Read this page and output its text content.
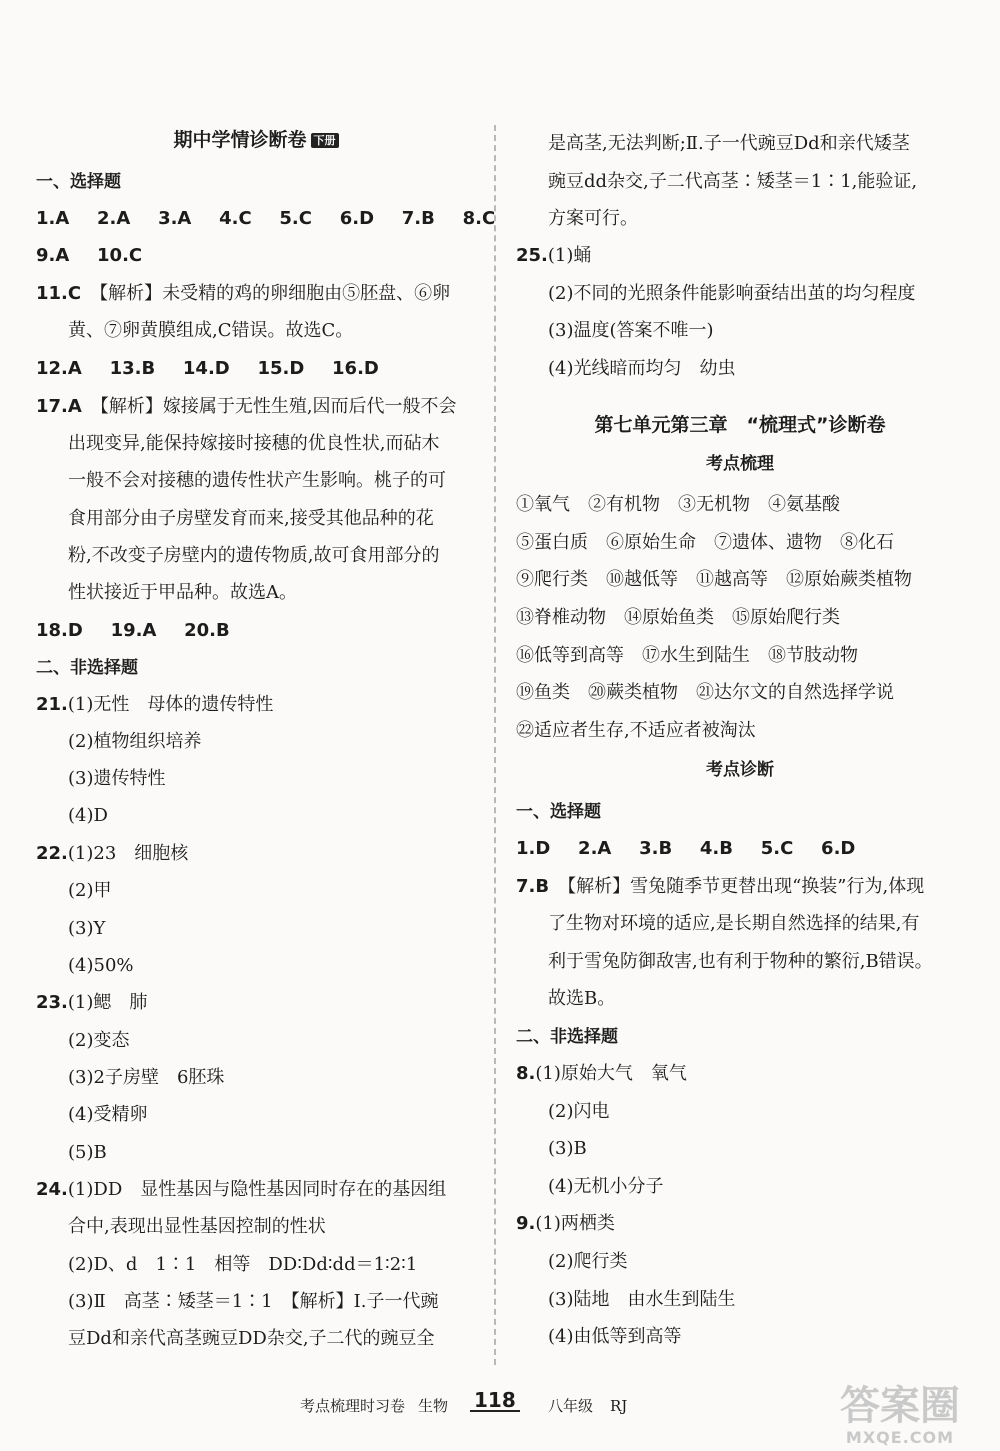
期中学情诊断卷 下册
一、选择题
1.A 2.A 3.A 4.C 5.C 6.D 7.B 8.C
9.A 10.C
11.C　 【解析】未受精的鸡的卵细胞由⑤胚盘、⑥卵
黄、⑦卵黄膜组成,C错误。故选C。
12.A 13.B 14.D 15.D 16.D
17.A　 【解析】嫁接属于无性生殖,因而后代一般不会
出现变异,能保持嫁接时接穗的优良性状,而砧木
一般不会对接穗的遗传性状产生影响。桃子的可
食用部分由子房壁发育而来,接受其他品种的花
粉,不改变子房壁内的遗传物质,故可食用部分的
性状接近于甲品种。故选A。
18.D 19.A 20.B
二、非选择题
21.(1)无性　母体的遗传特性
(2)植物组织培养
(3)遗传特性
(4)D
22.(1)23　细胞核
(2)甲
(3)Y
(4)50%
23.(1)鳃　肺
(2)变态
(3)2子房壁　6胚珠
(4)受精卵
(5)B
24.(1)DD　显性基因与隐性基因同时存在的基因组
合中,表现出显性基因控制的性状
(2)D、d　1∶1　相等　DD∶Dd∶dd＝1∶2∶1
(3)Ⅱ　高茎∶矮茎＝1∶1　【解析】Ⅰ.子一代豌
豆Dd和亲代高茎豌豆DD杂交,子二代的豌豆全
是高茎,无法判断;Ⅱ.子一代豌豆Dd和亲代矮茎
豌豆dd杂交,子二代高茎∶矮茎＝1∶1,能验证,
方案可行。
25.(1)蛹
(2)不同的光照条件能影响蚕结出茧的均匀程度
(3)温度(答案不唯一)
(4)光线暗而均匀　幼虫
第七单元第三章　“梳理式”诊断卷
考点梳理
①氧气　②有机物　③无机物　④氨基酸
⑤蛋白质　⑥原始生命　⑦遗体、遗物　⑧化石
⑨爬行类　⑩越低等　⑪越高等　⑫原始蕨类植物
⑬脊椎动物　⑭原始鱼类　⑮原始爬行类
⑯低等到高等　⑰水生到陆生　⑱节肢动物
⑲鱼类　⑳蕨类植物　㉑达尔文的自然选择学说
㉒适应者生存,不适应者被淘汰
考点诊断
一、选择题
1.D 2.A 3.B 4.B 5.C 6.D
7.B　 【解析】雪兔随季节更替出现“换装”行为,体现
了生物对环境的适应,是长期自然选择的结果,有
利于雪兔防御敌害,也有利于物种的繁衍,B错误。
故选B。
二、非选择题
8.(1)原始大气　氧气
(2)闪电
(3)B
(4)无机小分子
9.(1)两栖类
(2)爬行类
(3)陆地　由水生到陆生
(4)由低等到高等
考点梳理时习卷 生物 118 八年级 RJ	答案圈
MXQE.COM
